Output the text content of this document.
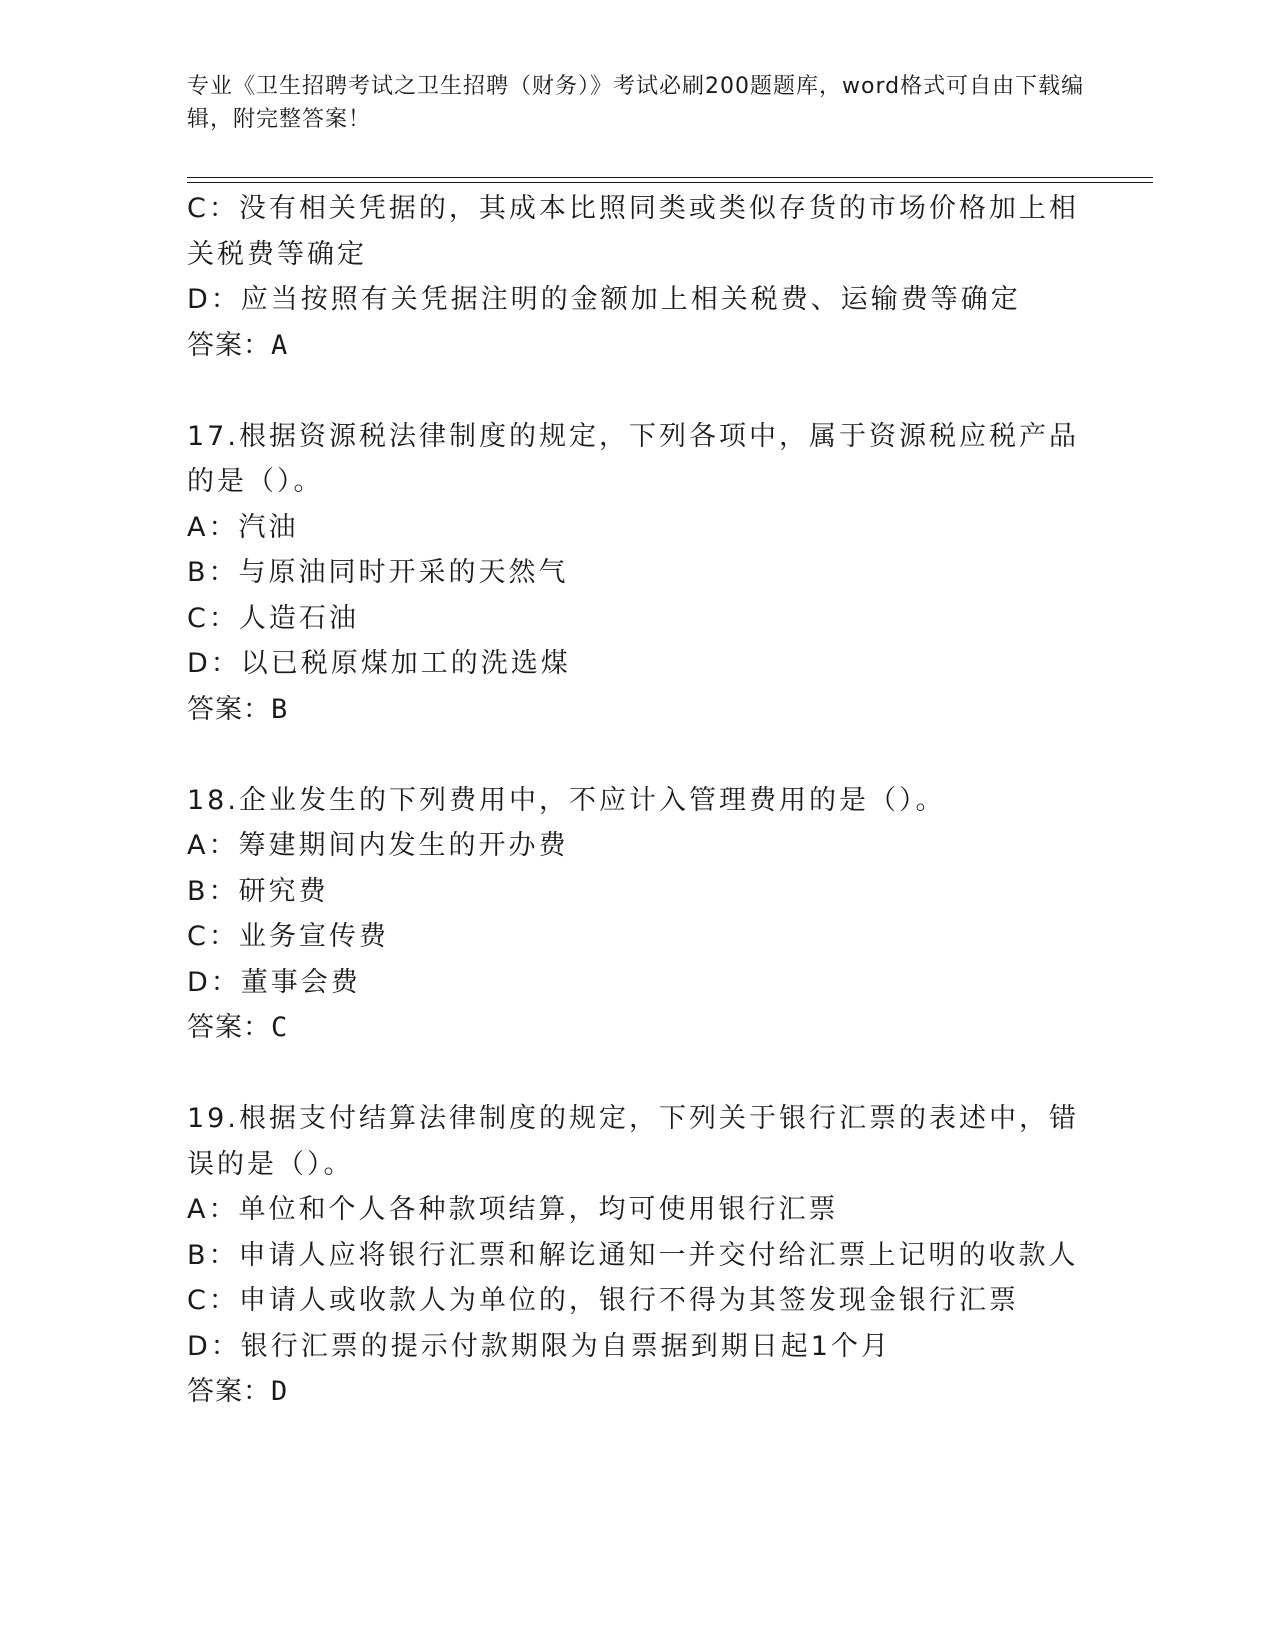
专业《卫生招聘考试之卫生招聘（财务）》考试必刷200题题库，word格式可自由下载编辑，附完整答案！
C：没有相关凭据的，其成本比照同类或类似存货的市场价格加上相关税费等确定
D：应当按照有关凭据注明的金额加上相关税费、运输费等确定
答案：A
17.根据资源税法律制度的规定，下列各项中，属于资源税应税产品的是（）。
A：汽油
B：与原油同时开采的天然气
C：人造石油
D：以已税原煤加工的洗选煤
答案：B
18.企业发生的下列费用中，不应计入管理费用的是（）。
A：筹建期间内发生的开办费
B：研究费
C：业务宣传费
D：董事会费
答案：C
19.根据支付结算法律制度的规定，下列关于银行汇票的表述中，错误的是（）。
A：单位和个人各种款项结算，均可使用银行汇票
B：申请人应将银行汇票和解讫通知一并交付给汇票上记明的收款人
C：申请人或收款人为单位的，银行不得为其签发现金银行汇票
D：银行汇票的提示付款期限为自票据到期日起1个月
答案：D
